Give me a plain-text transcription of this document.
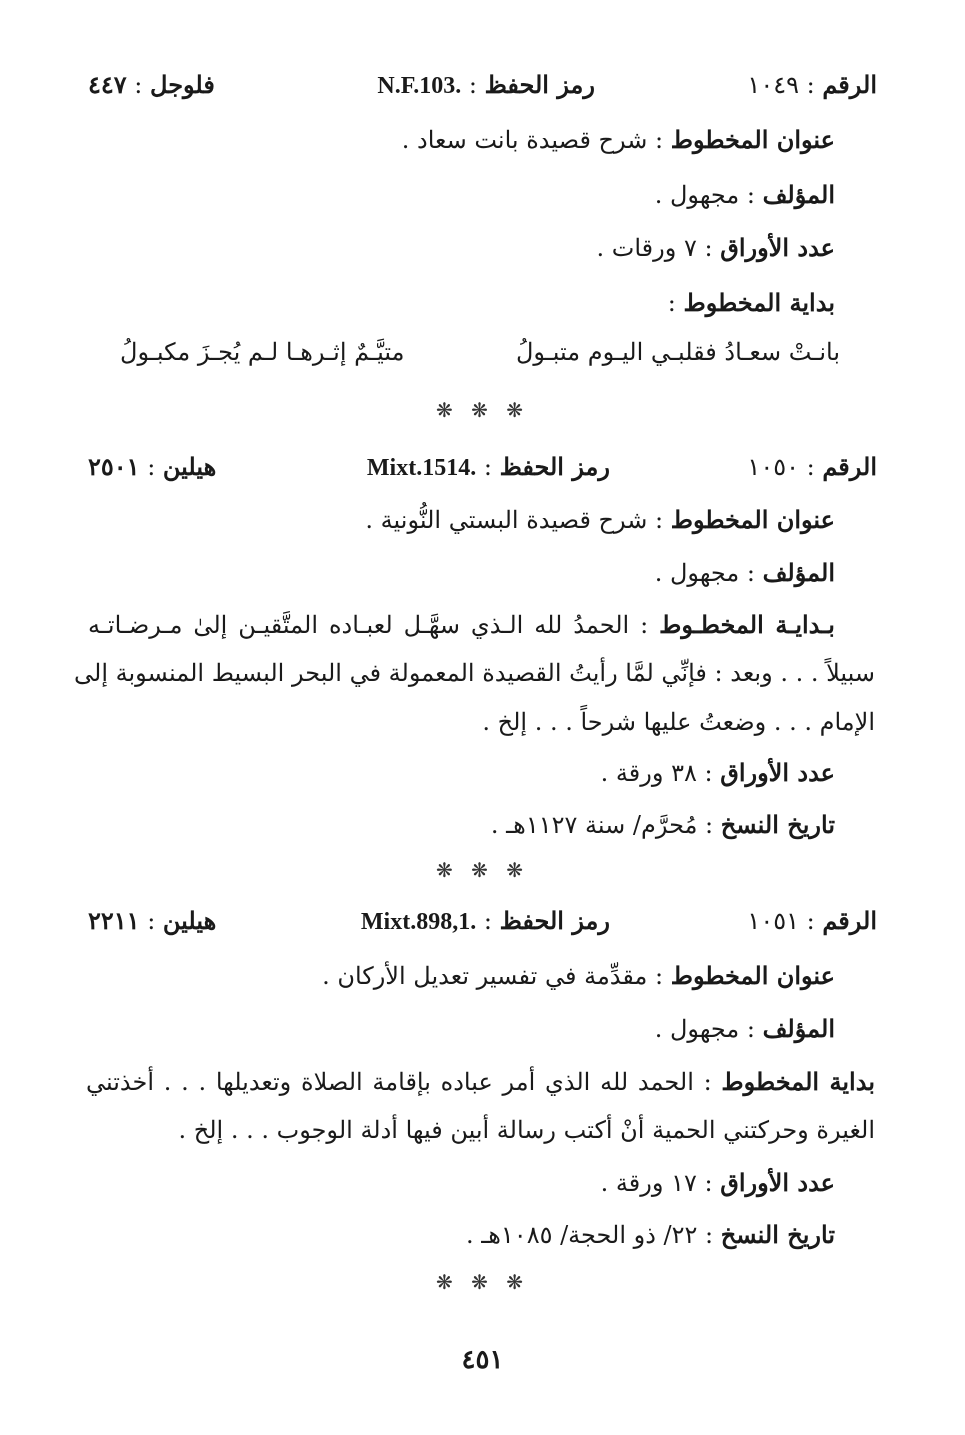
الرقم : ١٠٤٩
رمز الحفظ : N.F.103.
فلوجل : ٤٤٧
عنوان المخطوط : شرح قصيدة بانت سعاد .
المؤلف : مجهول .
عدد الأوراق : ٧ ورقات .
بداية المخطوط :
بانـتْ سعـادُ فقلبـي اليـوم متبـولُ
متيَّـمٌ إثـرهـا لـم يُجـزَ مكبـولُ
❋ ❋ ❋
الرقم : ١٠٥٠
رمز الحفظ : Mixt.1514.
هيلين : ٢٥٠١
عنوان المخطوط : شرح قصيدة البستي النُّونية .
المؤلف : مجهول .
بـدايـة المخطـوط : الحمدُ لله الـذي سهَّـل لعبـاده المتَّقيـن إلىٰ مـرضـاتـه
سبيلاً . . . وبعد : فإنِّي لمَّا رأيتُ القصيدة المعمولة في البحر البسيط المنسوبة إلى
الإمام . . . وضعتُ عليها شرحاً . . . إلخ .
عدد الأوراق : ٣٨ ورقة .
تاريخ النسخ : مُحرَّم/ سنة ١١٢٧هـ .
❋ ❋ ❋
الرقم : ١٠٥١
رمز الحفظ : Mixt.898,1.
هيلين : ٢٢١١
عنوان المخطوط : مقدِّمة في تفسير تعديل الأركان .
المؤلف : مجهول .
بداية المخطوط : الحمد لله الذي أمر عباده بإقامة الصلاة وتعديلها . . . أخذتني
الغيرة وحركتني الحمية أنْ أكتب رسالة أبين فيها أدلة الوجوب . . . إلخ .
عدد الأوراق : ١٧ ورقة .
تاريخ النسخ : ٢٢/ ذو الحجة/ ١٠٨٥هـ .
❋ ❋ ❋
٤٥١
